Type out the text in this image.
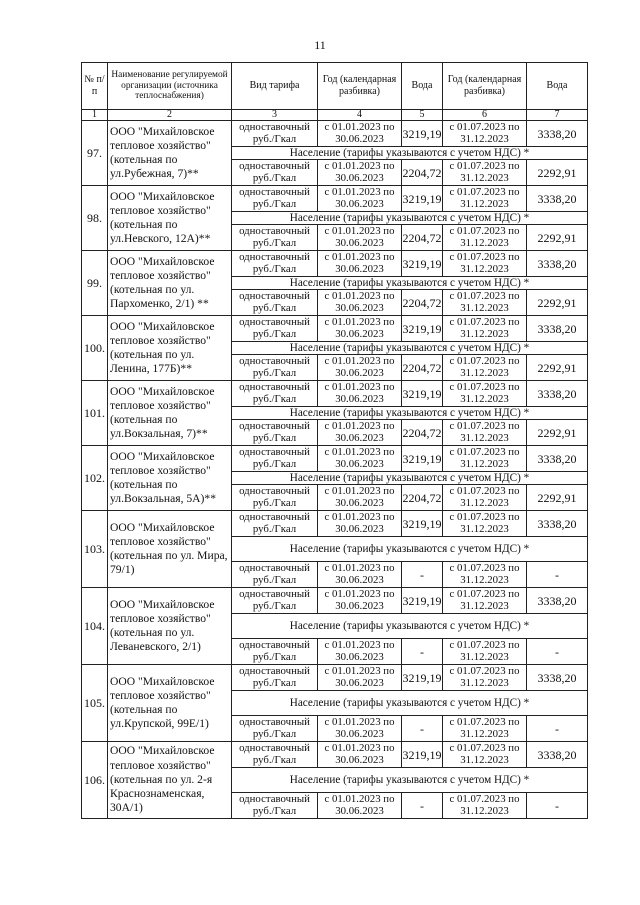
11
№ п/п	Наименование регулируемой организации (источника теплоснабжения)	Вид тарифа	Год (календарная разбивка)	Вода	Год (календарная разбивка)	Вода
1	2	3	4	5	6	7
97.	ООО "Михайловское тепловое хозяйство" (котельная по ул.Рубежная, 7)**	одноставочный руб./Гкал	с 01.01.2023 по 30.06.2023	3219,19	с 01.07.2023 по 31.12.2023	3338,20
		Население (тарифы указываются с учетом НДС) *				
		одноставочный руб./Гкал	с 01.01.2023 по 30.06.2023	2204,72	с 01.07.2023 по 31.12.2023	2292,91
98.	ООО "Михайловское тепловое хозяйство" (котельная по ул.Невского, 12А)**	одноставочный руб./Гкал	с 01.01.2023 по 30.06.2023	3219,19	с 01.07.2023 по 31.12.2023	3338,20
		Население (тарифы указываются с учетом НДС) *				
		одноставочный руб./Гкал	с 01.01.2023 по 30.06.2023	2204,72	с 01.07.2023 по 31.12.2023	2292,91
99.	ООО "Михайловское тепловое хозяйство" (котельная по ул. Пархоменко, 2/1) **	одноставочный руб./Гкал	с 01.01.2023 по 30.06.2023	3219,19	с 01.07.2023 по 31.12.2023	3338,20
		Население (тарифы указываются с учетом НДС) *				
		одноставочный руб./Гкал	с 01.01.2023 по 30.06.2023	2204,72	с 01.07.2023 по 31.12.2023	2292,91
100.	ООО "Михайловское тепловое хозяйство" (котельная по ул. Ленина, 177Б)**	одноставочный руб./Гкал	с 01.01.2023 по 30.06.2023	3219,19	с 01.07.2023 по 31.12.2023	3338,20
		Население (тарифы указываются с учетом НДС) *				
		одноставочный руб./Гкал	с 01.01.2023 по 30.06.2023	2204,72	с 01.07.2023 по 31.12.2023	2292,91
101.	ООО "Михайловское тепловое хозяйство" (котельная по ул.Вокзальная, 7)**	одноставочный руб./Гкал	с 01.01.2023 по 30.06.2023	3219,19	с 01.07.2023 по 31.12.2023	3338,20
		Население (тарифы указываются с учетом НДС) *				
		одноставочный руб./Гкал	с 01.01.2023 по 30.06.2023	2204,72	с 01.07.2023 по 31.12.2023	2292,91
102.	ООО "Михайловское тепловое хозяйство" (котельная по ул.Вокзальная, 5А)**	одноставочный руб./Гкал	с 01.01.2023 по 30.06.2023	3219,19	с 01.07.2023 по 31.12.2023	3338,20
		Население (тарифы указываются с учетом НДС) *				
		одноставочный руб./Гкал	с 01.01.2023 по 30.06.2023	2204,72	с 01.07.2023 по 31.12.2023	2292,91
103.	ООО "Михайловское тепловое хозяйство" (котельная по ул. Мира, 79/1)	одноставочный руб./Гкал	с 01.01.2023 по 30.06.2023	3219,19	с 01.07.2023 по 31.12.2023	3338,20
		Население (тарифы указываются с учетом НДС) *				
		одноставочный руб./Гкал	с 01.01.2023 по 30.06.2023	-	с 01.07.2023 по 31.12.2023	-
104.	ООО "Михайловское тепловое хозяйство" (котельная по ул. Леваневского, 2/1)	одноставочный руб./Гкал	с 01.01.2023 по 30.06.2023	3219,19	с 01.07.2023 по 31.12.2023	3338,20
		Население (тарифы указываются с учетом НДС) *				
		одноставочный руб./Гкал	с 01.01.2023 по 30.06.2023	-	с 01.07.2023 по 31.12.2023	-
105.	ООО "Михайловское тепловое хозяйство" (котельная по ул.Крупской, 99Е/1)	одноставочный руб./Гкал	с 01.01.2023 по 30.06.2023	3219,19	с 01.07.2023 по 31.12.2023	3338,20
		Население (тарифы указываются с учетом НДС) *				
		одноставочный руб./Гкал	с 01.01.2023 по 30.06.2023	-	с 01.07.2023 по 31.12.2023	-
106.	ООО "Михайловское тепловое хозяйство" (котельная по ул. 2-я Краснознаменская, 30А/1)	одноставочный руб./Гкал	с 01.01.2023 по 30.06.2023	3219,19	с 01.07.2023 по 31.12.2023	3338,20
		Население (тарифы указываются с учетом НДС) *				
		одноставочный руб./Гкал	с 01.01.2023 по 30.06.2023	-	с 01.07.2023 по 31.12.2023	-
